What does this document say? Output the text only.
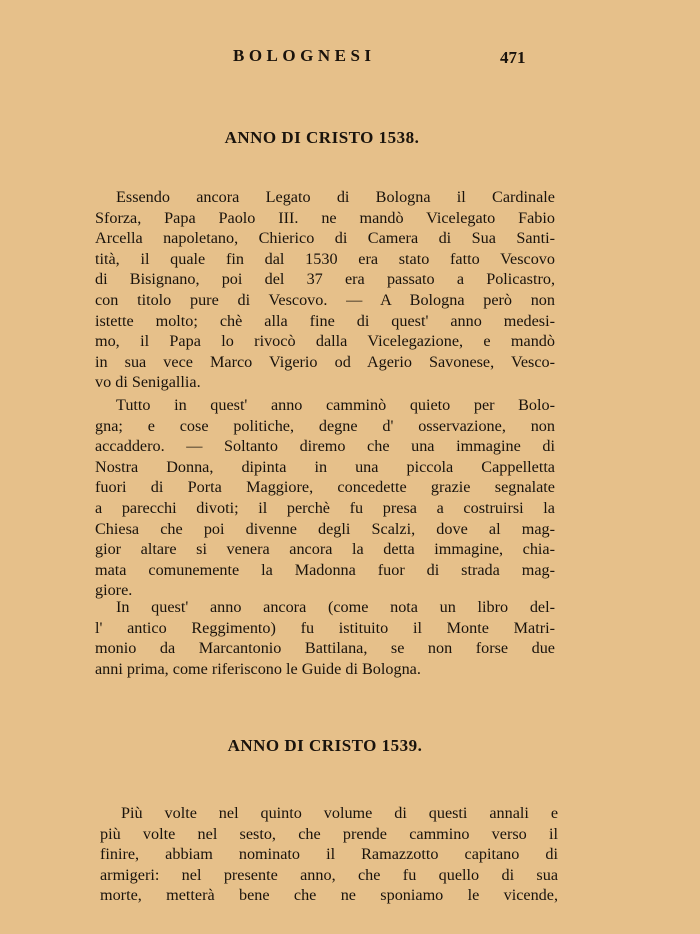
BOLOGNESI	471
ANNO DI CRISTO 1538.
Essendo ancora Legato di Bologna il Cardinale
Sforza, Papa Paolo III. ne mandò Vicelegato Fabio
Arcella napoletano, Chierico di Camera di Sua Santi-
tità, il quale fin dal 1530 era stato fatto Vescovo
di Bisignano, poi del 37 era passato a Policastro,
con titolo pure di Vescovo. — A Bologna però non
istette molto; chè alla fine di quest' anno medesi-
mo, il Papa lo rivocò dalla Vicelegazione, e mandò
in sua vece Marco Vigerio od Agerio Savonese, Vesco-
vo di Senigallia.
Tutto in quest' anno camminò quieto per Bolo-
gna; e cose politiche, degne d' osservazione, non
accaddero. — Soltanto diremo che una immagine di
Nostra Donna, dipinta in una piccola Cappelletta
fuori di Porta Maggiore, concedette grazie segnalate
a parecchi divoti; il perchè fu presa a costruirsi la
Chiesa che poi divenne degli Scalzi, dove al mag-
gior altare si venera ancora la detta immagine, chia-
mata comunemente la Madonna fuor di strada mag-
giore.
In quest' anno ancora (come nota un libro del-
l' antico Reggimento) fu istituito il Monte Matri-
monio da Marcantonio Battilana, se non forse due
anni prima, come riferiscono le Guide di Bologna.
ANNO DI CRISTO 1539.
Più volte nel quinto volume di questi annali e
più volte nel sesto, che prende cammino verso il
finire, abbiam nominato il Ramazzotto capitano di
armigeri: nel presente anno, che fu quello di sua
morte, metterà bene che ne sponiamo le vicende,
